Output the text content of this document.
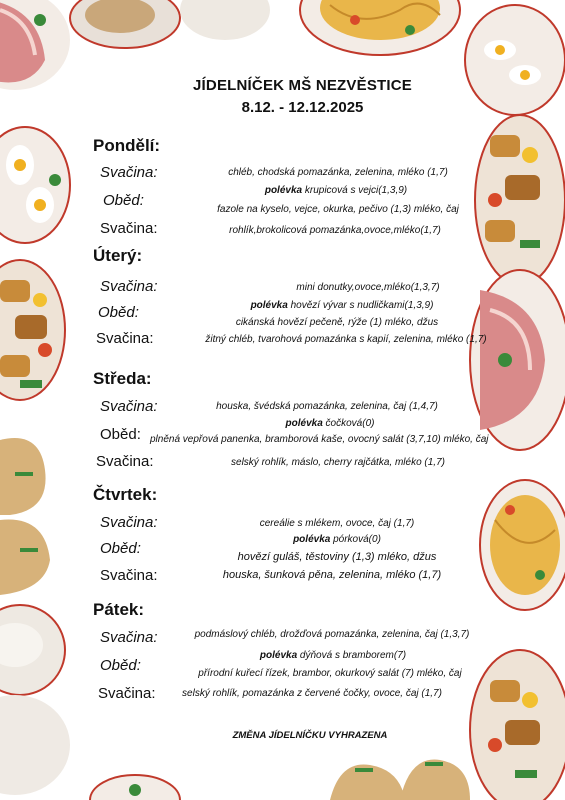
JÍDELNÍČEK MŠ NEZVĚSTICE
8.12. - 12.12.2025
Pondělí:
Svačina:	chléb, chodská pomazánka, zelenina, mléko (1,7)
Oběd:
polévka krupicová s vejci(1,3,9)
fazole na kyselo, vejce, okurka, pečivo (1,3) mléko, čaj
Svačina:	rohlík,brokolicová pomazánka,ovoce,mléko(1,7)
Úterý:
Svačina:	mini donutky,ovoce,mléko(1,3,7)
Oběd:	polévka hovězí vývar s nudličkami(1,3,9)
cikánská hovězí pečeně, rýže (1) mléko, džus
Svačina:	žitný chléb, tvarohová pomazánka s kapií, zelenina, mléko (1,7)
Středa:
Svačina:	houska, švédská pomazánka, zelenina, čaj (1,4,7)
Oběd:
polévka čočková(0)
plněná vepřová panenka, bramborová kaše, ovocný salát (3,7,10) mléko, čaj
Svačina:	selský rohlík, máslo, cherry rajčátka, mléko (1,7)
Čtvrtek:
Svačina:	cereálie s mlékem, ovoce, čaj (1,7)
Oběd:
polévka pórková(0)
hovězí guláš, těstoviny (1,3) mléko, džus
Svačina:	houska, šunková pěna, zelenina, mléko (1,7)
Pátek:
Svačina:	podmáslový chléb, drožďová pomazánka, zelenina, čaj (1,3,7)
Oběd:
polévka dýňová s bramborem(7)
přírodní kuřecí řízek, brambor, okurkový salát (7) mléko, čaj
Svačina:	selský rohlík, pomazánka z červené čočky, ovoce, čaj (1,7)
ZMĚNA JÍDELNÍČKU VYHRAZENA
